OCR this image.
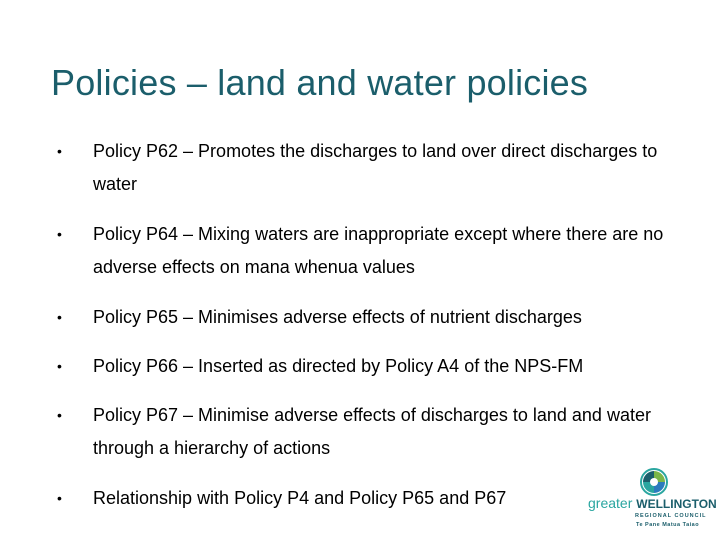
Policies – land and water policies
• Policy P62 – Promotes the discharges to land over direct discharges to water
• Policy P64 – Mixing waters are inappropriate except where there are no adverse effects on mana whenua values
• Policy P65 – Minimises adverse effects of nutrient discharges
• Policy P66 – Inserted as directed by Policy A4 of the NPS-FM
• Policy P67 – Minimise adverse effects of discharges to land and water through a hierarchy of actions
• Relationship with Policy P4 and Policy P65 and P67	greater WELLINGTON
REGIONAL COUNCIL
Te Pane Matua Taiao
